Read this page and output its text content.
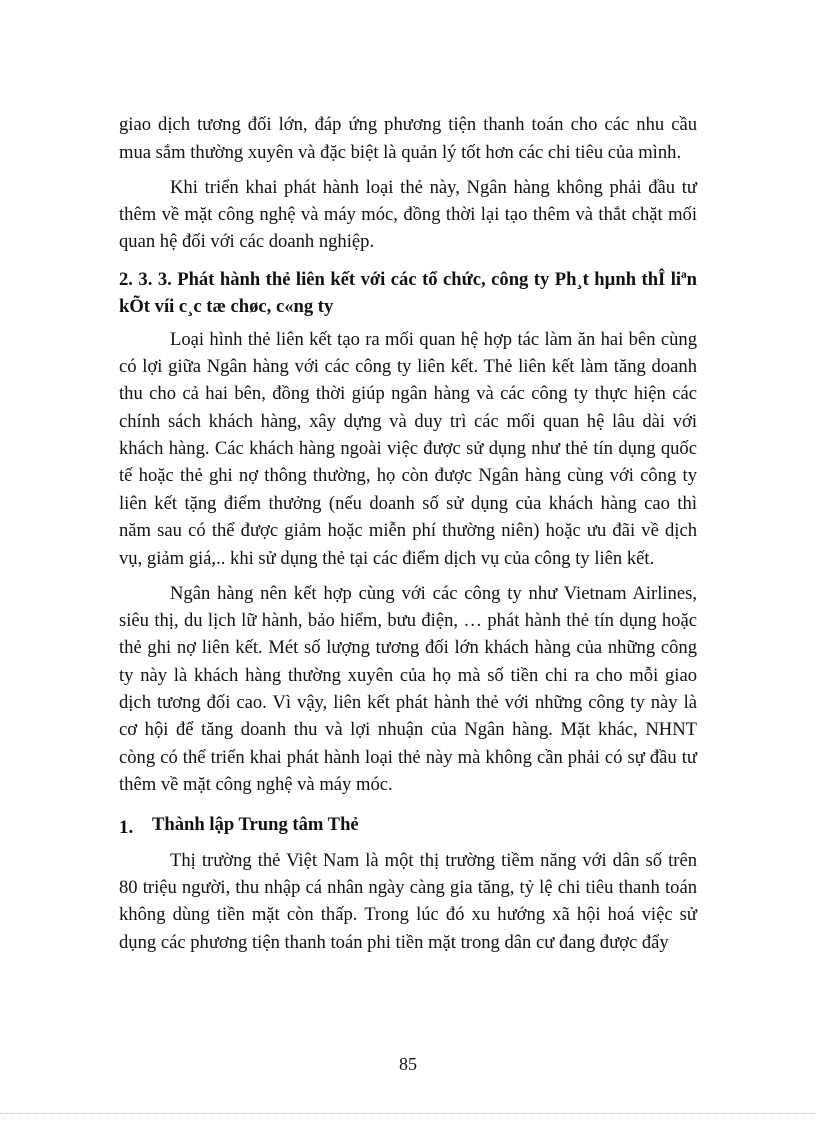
giao dịch tương đối lớn, đáp ứng phương tiện thanh toán cho các nhu cầu
mua sắm thường xuyên và đặc biệt là quản lý tốt hơn các chi tiêu của mình.
Khi triển khai phát hành loại thẻ này, Ngân hàng không phải đầu tư
thêm về mặt công nghệ và máy móc, đồng thời lại tạo thêm và thắt chặt mối
quan hệ đối với các doanh nghiệp.
2. 3. 3. Phát hành thẻ liên kết với các tổ chức, công ty Ph¸t hµnh thÎ liªn
kÕt víi c¸c tæ chøc, c«ng ty
Loại hình thẻ liên kết tạo ra mối quan hệ hợp tác làm ăn hai bên cùng
có lợi giữa Ngân hàng với các công ty liên kết. Thẻ liên kết làm tăng doanh
thu cho cả hai bên, đồng thời giúp ngân hàng và các công ty thực hiện các
chính sách khách hàng, xây dựng và duy trì các mối quan hệ lâu dài với
khách hàng. Các khách hàng ngoài việc được sử dụng như thẻ tín dụng quốc
tế hoặc thẻ ghi nợ thông thường, họ còn được Ngân hàng cùng với công ty
liên kết tặng điểm thưởng (nếu doanh số sử dụng của khách hàng cao thì
năm sau có thể được giảm hoặc miễn phí thường niên) hoặc ưu đãi về dịch
vụ, giảm giá,.. khi sử dụng thẻ tại các điểm dịch vụ của công ty liên kết.
Ngân hàng nên kết hợp cùng với các công ty như Vietnam Airlines,
siêu thị, du lịch lữ hành, bảo hiểm, bưu điện, … phát hành thẻ tín dụng hoặc
thẻ ghi nợ liên kết. Mét số lượng tương đối lớn khách hàng của những công
ty này là khách hàng thường xuyên của họ mà số tiền chi ra cho mỗi giao
dịch tương đối cao. Vì vậy, liên kết phát hành thẻ với những công ty này là
cơ hội để tăng doanh thu và lợi nhuận của Ngân hàng. Mặt khác, NHNT
còng có thể triển khai phát hành loại thẻ này mà không cần phải có sự đầu tư
thêm về mặt công nghệ và máy móc.
1. Thành lập Trung tâm Thẻ
Thị trường thẻ Việt Nam là một thị trường tiềm năng với dân số trên
80 triệu người, thu nhập cá nhân ngày càng gia tăng, tỷ lệ chi tiêu thanh toán
không dùng tiền mặt còn thấp. Trong lúc đó xu hướng xã hội hoá việc sử
dụng các phương tiện thanh toán phi tiền mặt trong dân cư đang được đẩy
85
